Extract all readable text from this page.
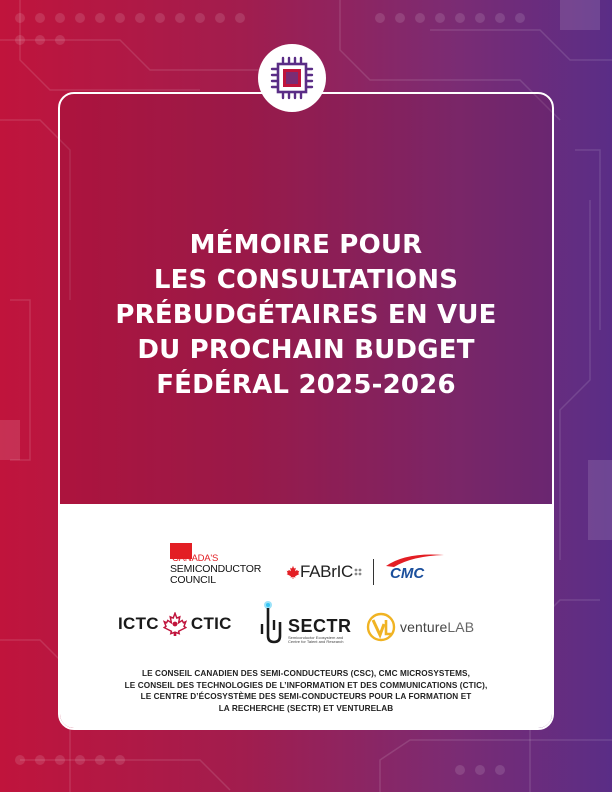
MÉMOIRE POUR
LES CONSULTATIONS
PRÉBUDGÉTAIRES EN VUE
DU PROCHAIN BUDGET
FÉDÉRAL 2025-2026
CANADA'S
SEMICONDUCTOR
COUNCIL	FABrIC CMC
ICTC CTIC	SECTR
Semiconductor Ecosystem and Centre for Talent and Research
ventureLAB

LE CONSEIL CANADIEN DES SEMI-CONDUCTEURS (CSC), CMC MICROSYSTEMS,
LE CONSEIL DES TECHNOLOGIES DE L’INFORMATION ET DES COMMUNICATIONS (CTIC),
LE CENTRE D’ÉCOSYSTÈME DES SEMI-CONDUCTEURS POUR LA FORMATION ET
LA RECHERCHE (SECTR) ET VENTURELAB
